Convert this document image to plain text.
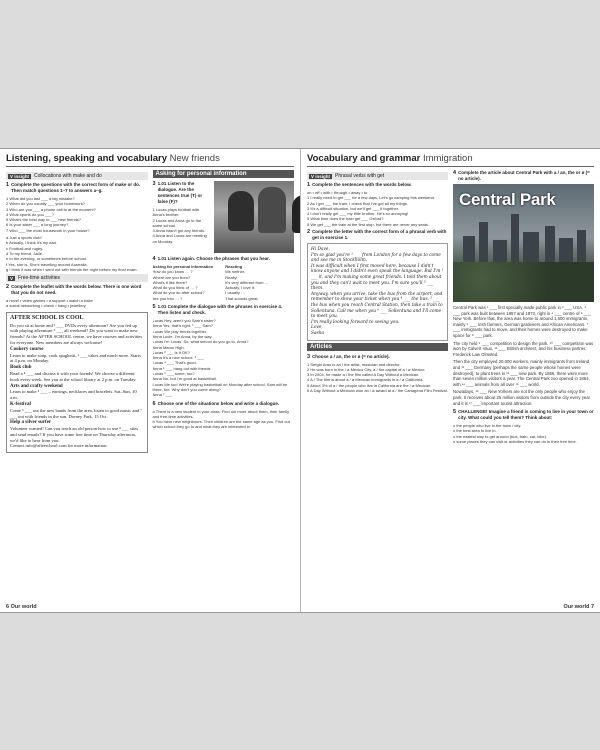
Listening, speaking and vocabulary New friends
V insight	Collocations with make and do
1 Complete the questions with the correct form of make or do. Then match questions 1–7 to answers a–g.
1 What did you last ___ a big mistake?
2 When do you usually ___ your homework?
3 Who are you ___ a phone call to at the moment?
4 What sports do you ___?
5 What's the best way to ___ new friends?
6 Is your sister ___ a long journey?
7 Who ___ the most housework in your house?
a Just a sports club!
b Actually, I think it's my dad.
c Football and rugby.
d To my friend, Jade.
e In the evening, or sometimes before school.
f Yes, she is. She's travelling around Australia.
g I think it was when I went out with friends the night before my final exam.
V	Free-time activities
2 Complete the leaflet with the words below. There is one word that you do not need.
a novel • video games • a support • watch a bake
a social networking • check • hang • jewellery
AFTER SCHOOL IS COOL
Do you sit at home and ¹ ___ DVDs every afternoon? Are you fed up with playing adventure ² ___ all weekend? Do you want to make new friends? At the AFTER SCHOOL centre, we have courses and activities for everyone. New members are always welcome!
Cookery course
Learn to make soup, cook spaghetti, ³ ___ cakes and much more. Starts at 4 p.m. on Monday.
Book club
Read a ⁴ ___ and discuss it with your friends! We choose a different book every week. See you at the school library at 2 p.m. on Tuesday.
Arts and crafty weekend
Learn to make ⁵ ___ – earrings, necklaces and bracelets. Sat–Sun, 10 a.m.
K-festival
Come ⁶ ___ out the new bands from the area, listen to good music and ⁷ ___ out with friends in the sun. Dorney Park, 15 Oct.
Help a silver surfer
Volunteer wanted! Can you teach an old person how to use ⁸ ___ sites and send emails? If you have some free time on Thursday afternoon, we'd like to hear from you.
Contact info@afterschool.com for more information.
Asking for personal information
3 1.01 Listen to the dialogue. Are the sentences true (T) or false (F)?

1 Lucas plays football with Anna's brother.

2 Lucas and Anna go to the same school.

3 Anna hasn't got any friends.

4 Anna and Lucas are meeting on Monday.

4 1.01 Listen again. Choose the phrases that you hear.
Asking for personal information
How do you know … ?
Where are you from?
What's it like there?
What do you think of … ?
What do you do after school?
Are you into … ?
Reacting
Me neither.
Really!
It's very different from …
Actually, I love it.
I usually …
That sounds great.
5 1.01 Complete the dialogue with the phrases in exercise 4. Then listen and check.
Lucas Hey, aren't you Sam's sister?
Anna Yes, that's right. ¹ ___ Sam?
Lucas We play tennis together.
Anna Lucie. I'm Anna, by the way.
Lucas I'm Lucas. So, what school do you go to, Anna?
Anna Manor High.
Lucas ² ___ Is it OK?
Anna It's a nice school. ³ ___
Lucas ⁴ ___ That's good.
Anna ⁵ ___ hang out with friends
Lucas ⁶ ___ some, too?
Anna No, but I'm good at basketball.

Lucas Me too! We're playing basketball on Monday after school. Sam will be there, too. Why don't you come along?

Anna ⁷ ___
6 Choose one of the situations below and write a dialogue.

a There is a new student in your class. Find out more about them, their family and free-time activities.

b You have new neighbours. Their children are the same age as you. Find out which school they go to and what they are interested in.

6 Our world
Vocabulary and grammar Immigration
V insight	Phrasal verbs with get
1 Complete the sentences with the words below.
on • off • with • through • away • to

1 I really need to get ___ for a few days. Let's go camping this weekend.

2 As I get ___ the train, I check that I've got all my things.

3 It's a difficult situation, but we'll get ___ it together.

4 I don't really get ___ my little brother. He's so annoying!

5 What time does the train get ___ Oxford?

6 We get ___ the train at the first stop, but there are never any seats.

2 Complete the letter with the correct form of a phrasal verb with get in exercise 1.

Hi Dave,

I'm so glad you're ¹ ___ from London for a few days to come and see me in Stockholm.

It was difficult when I first moved here, because I didn't know anyone and I didn't even speak the language. But I'm ² ___ it, and I'm making some great friends. I told them about you and they can't wait to meet you. I'm sure you'll ³ ___ them.

Anyway, when you arrive, take the bus from the airport, and remember to show your ticket when you ⁴ ___ the bus. ⁵ ___

the bus when you reach Central Station, then take a train to Sollentuna. Call me when you ⁶ ___ Sollentuna and I'll come to meet you.

I'm really looking forward to seeing you.

Love,

Sasha

Articles
3 Choose a / an, the or ø (= no article).

1 Sergio Arau is an / the artist, musician and director.

2 He was born in the / ø Mexico City, a / the capital of a / ø Mexico.

3 In 2004, he made a / the film called A Day Without a Mexican.

4 A / The film is about a / ø Mexican immigrants in a / ø California.

5 About 3% of a / the people who live in California are the / ø Mexican.

6 A Day Without a Mexican won an / ø award at a / the Cartagena Film Festival.

4 Complete the article about Central Park with a / an, the or ø (= no article).
Central Park

Central Park was ¹ ___ first specially made public park in ² ___ USA. ³ ___ park was built between 1857 and 1873, right in ⁴ ___ centre of ⁵ ___ New York. Before that, the area was home to around 1,600 immigrants, mainly ⁶ ___ Irish farmers, German gardeners and African Americans. ⁷ ___ immigrants had to move, and their homes were destroyed to make space for ⁸ ___ park.

The city held ⁹ ___ competition to design the park. ¹⁰ ___ competition was won by Calvert Vaux, ¹¹ ___ British architect, and his business partner, Frederick Law Olmsted.

Then the city employed 20,000 workers, mainly immigrants from Ireland and ¹² ___ Germany (perhaps the same people whose homes were destroyed), to plant trees in ¹³ ___ new park. By 1866, there were more than seven million visitors a year. The Central Park zoo opened in 1864, with ¹⁴ ___ animals from all over ¹⁵ ___ world.

Nowadays, ¹⁶ ___ New Yorkers are not the only people who enjoy the park. It receives about 25 million visitors from outside the city every year and it is ¹⁷ ___ important tourist attraction.

5 CHALLENGE! Imagine a friend is coming to live in your town or city. What could you tell them? Think about:

o the people who live in the town / city.

o the best area to live in.

o the easiest way to get around (bus, train, car, bike).

o some places they can visit or activities they can do in their free time.

Our world 7
